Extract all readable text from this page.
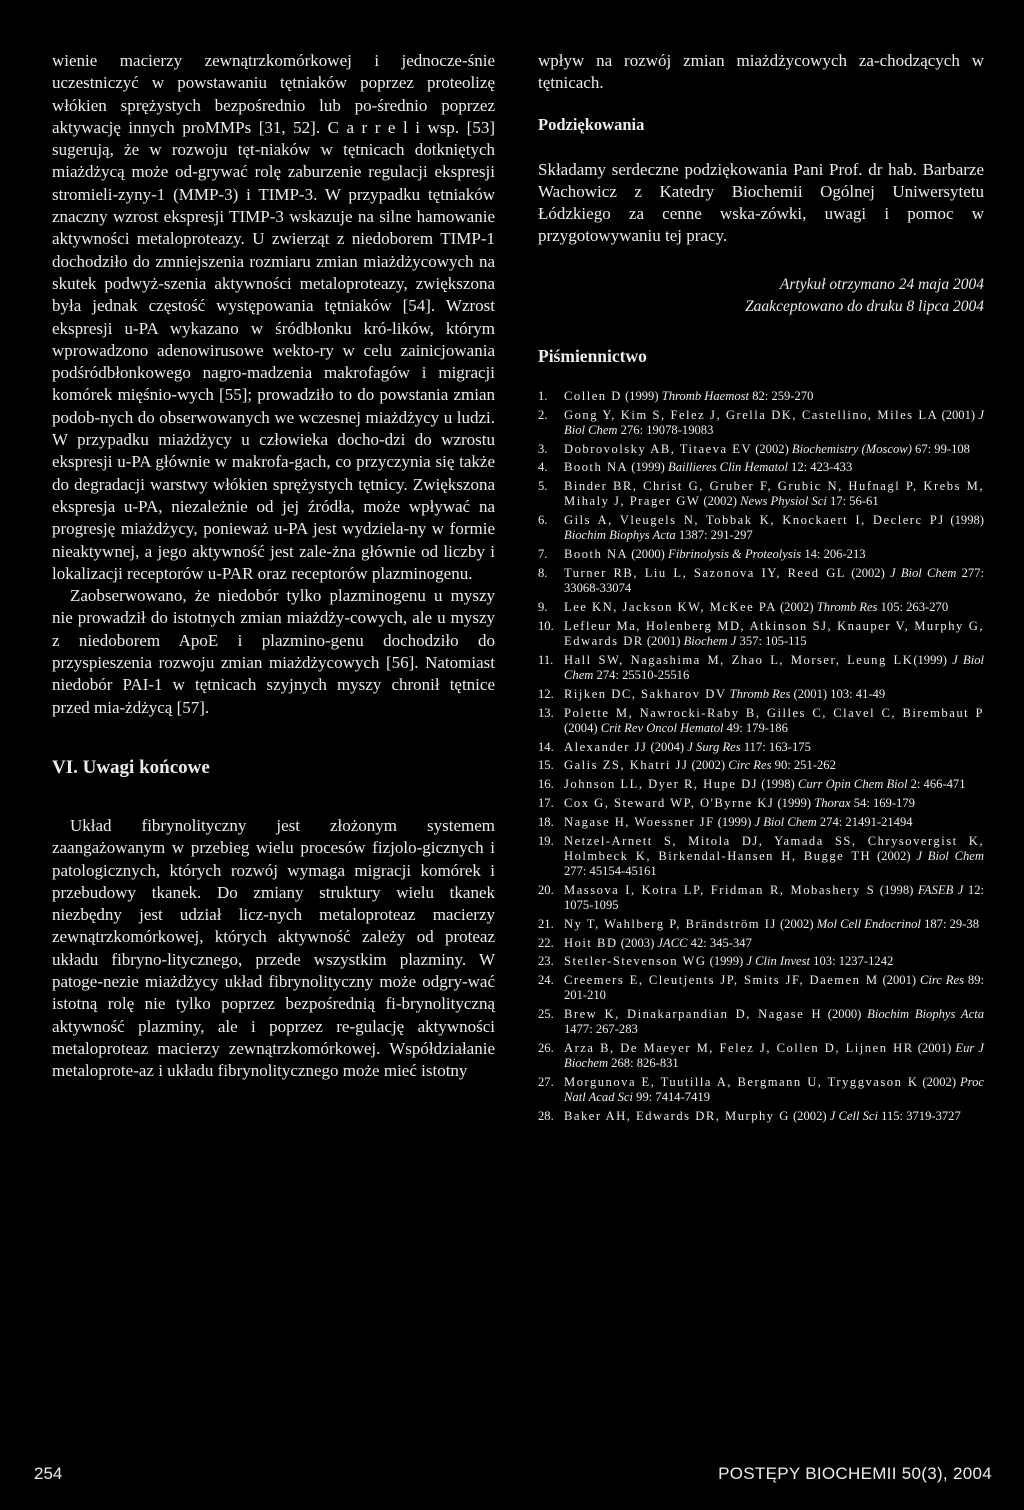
wienie macierzy zewnątrzkomórkowej i jednocze-śnie uczestniczyć w powstawaniu tętniaków poprzez proteolizę włókien sprężystych bezpośrednio lub po-średnio poprzez aktywację innych proMMPs [31, 52]. C a r r e l i wsp. [53] sugerują, że w rozwoju tęt-niaków w tętnicach dotkniętych miażdżycą może od-grywać rolę zaburzenie regulacji ekspresji stromieli-zyny-1 (MMP-3) i TIMP-3. W przypadku tętniaków znaczny wzrost ekspresji TIMP-3 wskazuje na silne hamowanie aktywności metaloproteazy. U zwierząt z niedoborem TIMP-1 dochodziło do zmniejszenia rozmiaru zmian miażdżycowych na skutek podwyż-szenia aktywności metaloproteazy, zwiększona była jednak częstość występowania tętniaków [54]. Wzrost ekspresji u-PA wykazano w śródbłonku kró-lików, którym wprowadzono adenowirusowe wekto-ry w celu zainicjowania podśródbłonkowego nagro-madzenia makrofagów i migracji komórek mięśnio-wych [55]; prowadziło to do powstania zmian podob-nych do obserwowanych we wczesnej miażdżycy u ludzi. W przypadku miażdżycy u człowieka docho-dzi do wzrostu ekspresji u-PA głównie w makrofa-gach, co przyczynia się także do degradacji warstwy włókien sprężystych tętnicy. Zwiększona ekspresja u-PA, niezależnie od jej źródła, może wpływać na progresję miażdżycy, ponieważ u-PA jest wydziela-ny w formie nieaktywnej, a jego aktywność jest zale-żna głównie od liczby i lokalizacji receptorów u-PAR oraz receptorów plazminogenu.

Zaobserwowano, że niedobór tylko plazminogenu u myszy nie prowadził do istotnych zmian miażdży-cowych, ale u myszy z niedoborem ApoE i plazmino-genu dochodziło do przyspieszenia rozwoju zmian miażdżycowych [56]. Natomiast niedobór PAI-1 w tętnicach szyjnych myszy chronił tętnice przed mia-żdżycą [57].

VI. Uwagi końcowe

Układ fibrynolityczny jest złożonym systemem zaangażowanym w przebieg wielu procesów fizjolo-gicznych i patologicznych, których rozwój wymaga migracji komórek i przebudowy tkanek. Do zmiany struktury wielu tkanek niezbędny jest udział licz-nych metaloproteaz macierzy zewnątrzkomórkowej, których aktywność zależy od proteaz układu fibryno-litycznego, przede wszystkim plazminy. W patoge-nezie miażdżycy układ fibrynolityczny może odgry-wać istotną rolę nie tylko poprzez bezpośrednią fi-brynolityczną aktywność plazminy, ale i poprzez re-gulację aktywności metaloproteaz macierzy zewnątrzkomórkowej. Współdziałanie metaloprote-az i układu fibrynolitycznego może mieć istotny

wpływ na rozwój zmian miażdżycowych za-chodzących w tętnicach.

Podziękowania

Składamy serdeczne podziękowania Pani Prof. dr hab. Barbarze Wachowicz z Katedry Biochemii Ogólnej Uniwersytetu Łódzkiego za cenne wska-zówki, uwagi i pomoc w przygotowywaniu tej pracy.

Artykuł otrzymano 24 maja 2004
Zaakceptowano do druku 8 lipca 2004
Piśmiennictwo
1. Collen D (1999) Thromb Haemost 82: 259-270
2. Gong Y, Kim S, Felez J, Grella DK, Castellino, Miles LA (2001) J Biol Chem 276: 19078-19083
3. Dobrovolsky AB, Titaeva EV (2002) Biochemistry (Moscow) 67: 99-108
4. Booth NA (1999) Baillieres Clin Hematol 12: 423-433
5. Binder BR, Christ G, Gruber F, Grubic N, Hufnagl P, Krebs M, Mihaly J, Prager GW (2002) News Physiol Sci 17: 56-61
6. Gils A, Vleugels N, Tobbak K, Knockaert I, Declerc PJ (1998) Biochim Biophys Acta 1387: 291-297
7. Booth NA (2000) Fibrinolysis & Proteolysis 14: 206-213
8. Turner RB, Liu L, Sazonova IY, Reed GL (2002) J Biol Chem 277: 33068-33074
9. Lee KN, Jackson KW, McKee PA (2002) Thromb Res 105: 263-270
10. Lefleur Ma, Holenberg MD, Atkinson SJ, Knauper V, Murphy G, Edwards DR (2001) Biochem J 357: 105-115
11. Hall SW, Nagashima M, Zhao L, Morser, Leung LK(1999) J Biol Chem 274: 25510-25516
12. Rijken DC, Sakharov DV Thromb Res (2001) 103: 41-49
13. Polette M, Nawrocki-Raby B, Gilles C, Clavel C, Birembaut P (2004) Crit Rev Oncol Hematol 49: 179-186
14. Alexander JJ (2004) J Surg Res 117: 163-175
15. Galis ZS, Khatri JJ (2002) Circ Res 90: 251-262
16. Johnson LL, Dyer R, Hupe DJ (1998) Curr Opin Chem Biol 2: 466-471
17. Cox G, Steward WP, O'Byrne KJ (1999) Thorax 54: 169-179
18. Nagase H, Woessner JF (1999) J Biol Chem 274: 21491-21494
19. Netzel-Arnett S, Mitola DJ, Yamada SS, Chrysovergist K, Holmbeck K, Birkendal-Hansen H, Bugge TH (2002) J Biol Chem 277: 45154-45161
20. Massova I, Kotra LP, Fridman R, Mobashery S (1998) FASEB J 12: 1075-1095
21. Ny T, Wahlberg P, Brändström IJ (2002) Mol Cell Endocrinol 187: 29-38
22. Hoit BD (2003) JACC 42: 345-347
23. Stetler-Stevenson WG (1999) J Clin Invest 103: 1237-1242
24. Creemers E, Cleutjents JP, Smits JF, Daemen M (2001) Circ Res 89: 201-210
25. Brew K, Dinakarpandian D, Nagase H (2000) Biochim Biophys Acta 1477: 267-283
26. Arza B, De Maeyer M, Felez J, Collen D, Lijnen HR (2001) Eur J Biochem 268: 826-831
27. Morgunova E, Tuutilla A, Bergmann U, Tryggvason K (2002) Proc Natl Acad Sci 99: 7414-7419
28. Baker AH, Edwards DR, Murphy G (2002) J Cell Sci 115: 3719-3727
254	POSTĘPY BIOCHEMII 50(3), 2004
